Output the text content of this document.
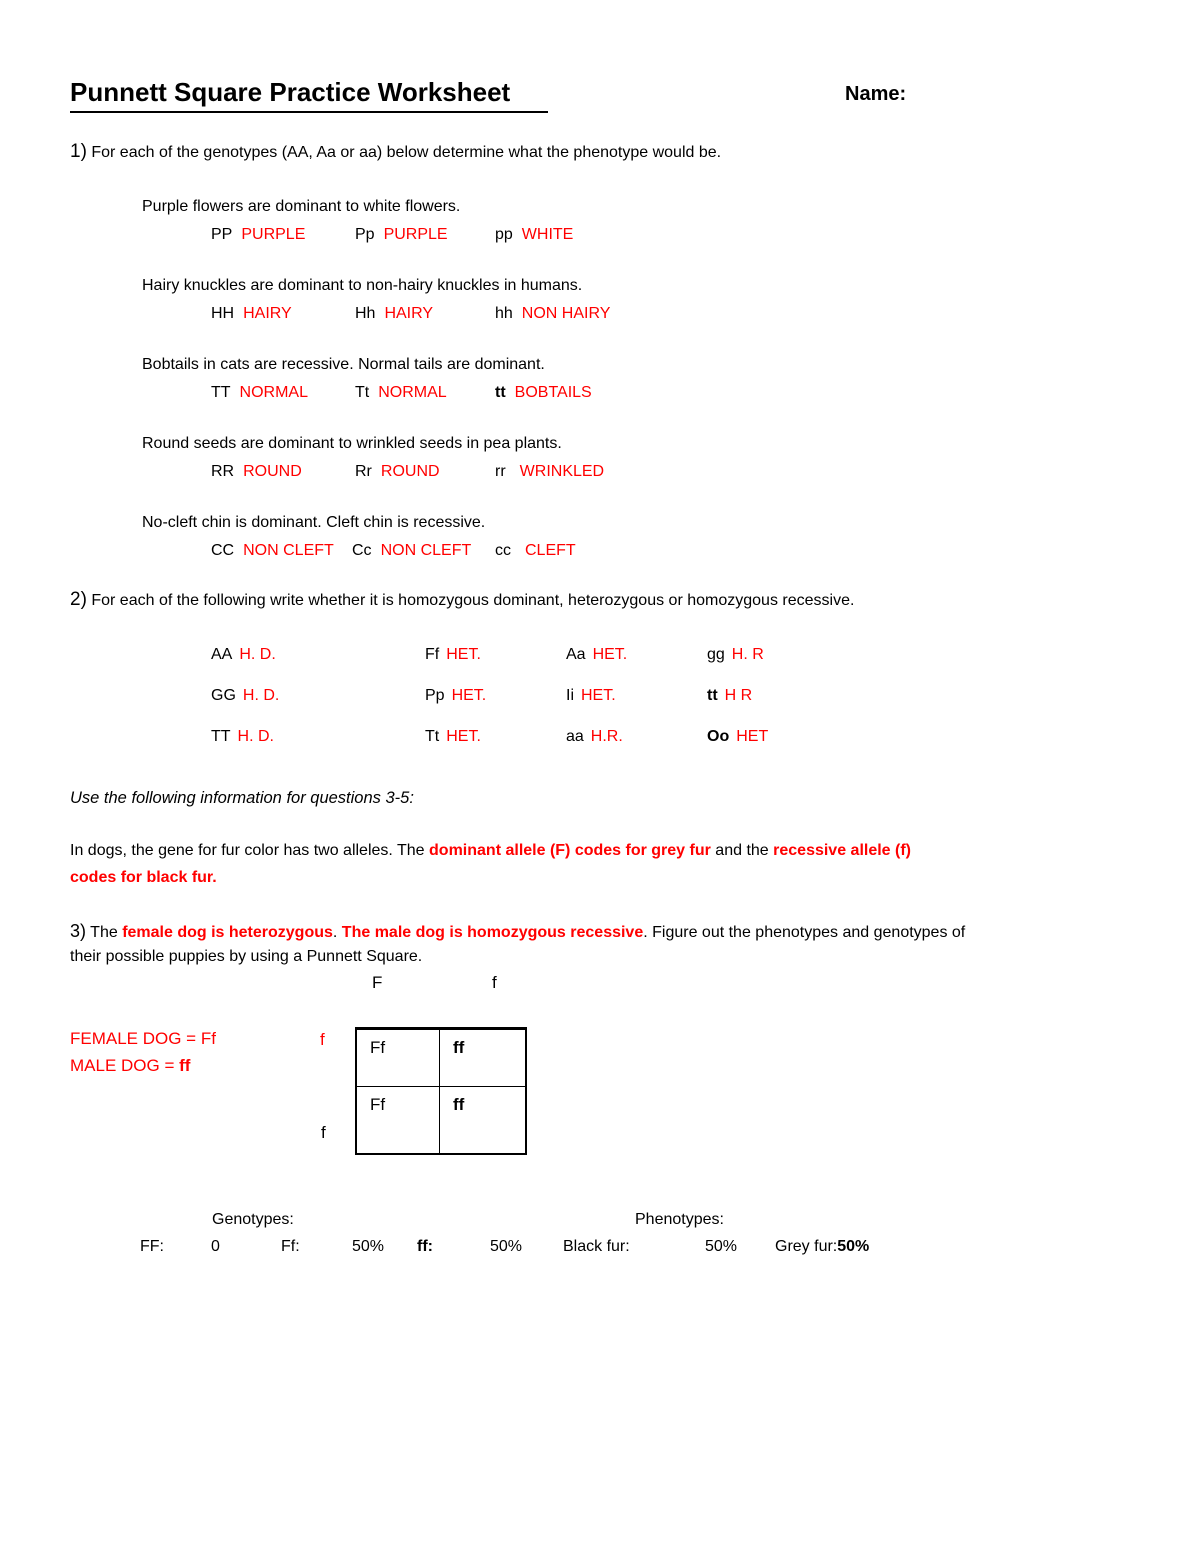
Punnett Square Practice Worksheet	Name:
1) For each of the genotypes (AA, Aa or aa) below determine what the phenotype would be.
Purple flowers are dominant to white flowers.
PP PURPLE	Pp PURPLE	pp WHITE
Hairy knuckles are dominant to non-hairy knuckles in humans.
HH HAIRY	Hh HAIRY	hh NON HAIRY
Bobtails in cats are recessive. Normal tails are dominant.
TT NORMAL	Tt NORMAL	tt BOBTAILS
Round seeds are dominant to wrinkled seeds in pea plants.
RR ROUND	Rr ROUND	rr WRINKLED
No-cleft chin is dominant. Cleft chin is recessive.
CC NON CLEFT Cc NON CLEFT cc CLEFT
2) For each of the following write whether it is homozygous dominant, heterozygous or homozygous recessive.
AA H. D.	Ff HET.	Aa HET.	gg H. R
GG H. D.	Pp HET.	Ii HET.	tt H R
TT H. D.	Tt HET.	aa H.R.	Oo HET
Use the following information for questions 3-5:
In dogs, the gene for fur color has two alleles. The dominant allele (F) codes for grey fur and the recessive allele (f)
codes for black fur.
3) The female dog is heterozygous. The male dog is homozygous recessive. Figure out the phenotypes and genotypes of
their possible puppies by using a Punnett Square.
F	f
FEMALE DOG = Ff
MALE DOG = ff
f
f
Ff	ff
Ff	ff
Genotypes:	Phenotypes:
FF:	0	Ff:	50% ff:	50%	Black fur:	50% Grey fur:50%
